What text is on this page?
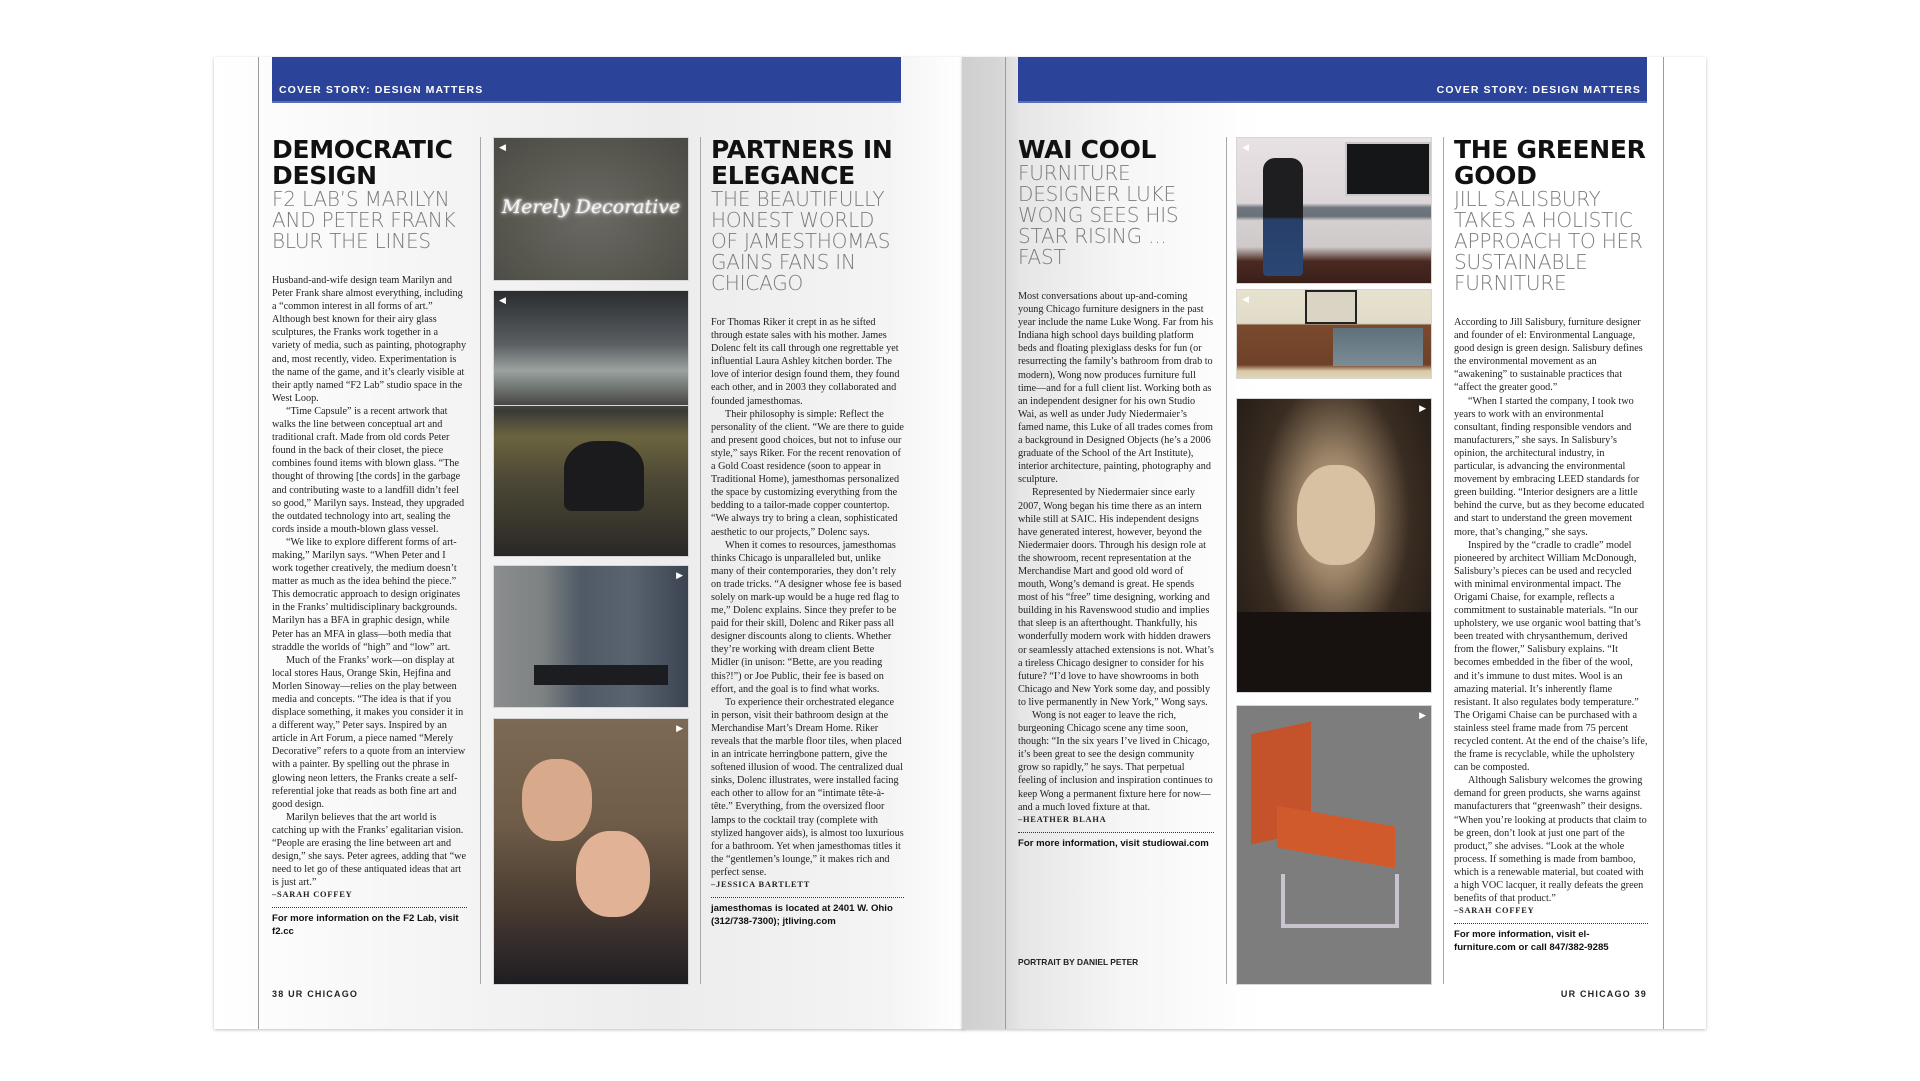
COVER STORY: DESIGN MATTERS
DEMOCRATIC DESIGN
F2 LAB’S MARILYN AND PETER FRANK BLUR THE LINES

Husband-and-wife design team Marilyn and Peter Frank share almost everything, including a “common interest in all forms of art.” Although best known for their airy glass sculptures, the Franks work together in a variety of media, such as painting, photography and, most recently, video. Experimentation is the name of the game, and it’s clearly visible at their aptly named “F2 Lab” studio space in the West Loop.

“Time Capsule” is a recent artwork that walks the line between conceptual art and traditional craft. Made from old cords Peter found in the back of their closet, the piece combines found items with blown glass. “The thought of throwing [the cords] in the garbage and contributing waste to a landfill didn’t feel so good,” Marilyn says. Instead, they upgraded the outdated technology into art, sealing the cords inside a mouth-blown glass vessel.

“We like to explore different forms of art-making,” Marilyn says. “When Peter and I work together creatively, the medium doesn’t matter as much as the idea behind the piece.” This democratic approach to design originates in the Franks’ multidisciplinary backgrounds. Marilyn has a BFA in graphic design, while Peter has an MFA in glass—both media that straddle the worlds of “high” and “low” art.

Much of the Franks’ work—on display at local stores Haus, Orange Skin, Hejfina and Morlen Sinoway—relies on the play between media and concepts. “The idea is that if you displace something, it makes you consider it in a different way,” Peter says. Inspired by an article in Art Forum, a piece named “Merely Decorative” refers to a quote from an interview with a painter. By spelling out the phrase in glowing neon letters, the Franks create a self-referential joke that reads as both fine art and good design.

Marilyn believes that the art world is catching up with the Franks’ egalitarian vision. “People are erasing the line between art and design,” she says. Peter agrees, adding that “we need to let go of these antiquated ideas that art is just art.”

–SARAH COFFEY
For more information on the F2 Lab, visit f2.cc
◀
Merely Decorative
◀
▶
▶
PARTNERS IN ELEGANCE
THE BEAUTIFULLY HONEST WORLD OF JAMESTHOMAS GAINS FANS IN CHICAGO

For Thomas Riker it crept in as he sifted through estate sales with his mother. James Dolenc felt its call through one regrettable yet influential Laura Ashley kitchen border. The love of interior design found them, they found each other, and in 2003 they collaborated and founded jamesthomas.

Their philosophy is simple: Reflect the personality of the client. “We are there to guide and present good choices, but not to infuse our style,” says Riker. For the recent renovation of a Gold Coast residence (soon to appear in Traditional Home), jamesthomas personalized the space by customizing everything from the bedding to a tailor-made copper countertop. “We always try to bring a clean, sophisticated aesthetic to our projects,” Dolenc says.

When it comes to resources, jamesthomas thinks Chicago is unparalleled but, unlike many of their contemporaries, they don’t rely on trade tricks. “A designer whose fee is based solely on mark-up would be a huge red flag to me,” Dolenc explains. Since they prefer to be paid for their skill, Dolenc and Riker pass all designer discounts along to clients. Whether they’re working with dream client Bette Midler (in unison: “Bette, are you reading this?!”) or Joe Public, their fee is based on effort, and the goal is to find what works.

To experience their orchestrated elegance in person, visit their bathroom design at the Merchandise Mart’s Dream Home. Riker reveals that the marble floor tiles, when placed in an intricate herringbone pattern, give the softened illusion of wood. The centralized dual sinks, Dolenc illustrates, were installed facing each other to allow for an “intimate tête-à-tête.” Everything, from the oversized floor lamps to the cocktail tray (complete with stylized hangover aids), is almost too luxurious for a bathroom. Yet when jamesthomas titles it the “gentlemen’s lounge,” it makes rich and perfect sense.

–JESSICA BARTLETT
jamesthomas is located at 2401 W. Ohio (312/738-7300); jtliving.com
38 UR CHICAGO
COVER STORY: DESIGN MATTERS
WAI COOL
FURNITURE DESIGNER LUKE WONG SEES HIS STAR RISING ... FAST

Most conversations about up-and-coming young Chicago furniture designers in the past year include the name Luke Wong. Far from his Indiana high school days building platform beds and floating plexiglass desks for fun (or resurrecting the family’s bathroom from drab to modern), Wong now produces furniture full time—and for a full client list. Working both as an independent designer for his own Studio Wai, as well as under Judy Niedermaier’s famed name, this Luke of all trades comes from a background in Designed Objects (he’s a 2006 graduate of the School of the Art Institute), interior architecture, painting, photography and sculpture.

Represented by Niedermaier since early 2007, Wong began his time there as an intern while still at SAIC. His independent designs have generated interest, however, beyond the Niedermaier doors. Through his design role at the showroom, recent representation at the Merchandise Mart and good old word of mouth, Wong’s demand is great. He spends most of his “free” time designing, working and building in his Ravenswood studio and implies that sleep is an afterthought. Thankfully, his wonderfully modern work with hidden drawers or seamlessly attached extensions is not. What’s a tireless Chicago designer to consider for his future? “I’d love to have showrooms in both Chicago and New York some day, and possibly to live permanently in New York,” Wong says.

Wong is not eager to leave the rich, burgeoning Chicago scene any time soon, though: “In the six years I’ve lived in Chicago, it’s been great to see the design community grow so rapidly,” he says. That perpetual feeling of inclusion and inspiration continues to keep Wong a permanent fixture here for now—and a much loved fixture at that.

–HEATHER BLAHA
For more information, visit studiowai.com
PORTRAIT BY DANIEL PETER
◀
◀
▶
▶
THE GREENER GOOD
JILL SALISBURY TAKES A HOLISTIC APPROACH TO HER SUSTAINABLE FURNITURE

According to Jill Salisbury, furniture designer and founder of el: Environmental Language, good design is green design. Salisbury defines the environmental movement as an “awakening” to sustainable practices that “affect the greater good.”

“When I started the company, I took two years to work with an environmental consultant, finding responsible vendors and manufacturers,” she says. In Salisbury’s opinion, the architectural industry, in particular, is advancing the environmental movement by embracing LEED standards for green building. “Interior designers are a little behind the curve, but as they become educated and start to understand the green movement more, that’s changing,” she says.

Inspired by the “cradle to cradle” model pioneered by architect William McDonough, Salisbury’s pieces can be used and recycled with minimal environmental impact. The Origami Chaise, for example, reflects a commitment to sustainable materials. “In our upholstery, we use organic wool batting that’s been treated with chrysanthemum, derived from the flower,” Salisbury explains. “It becomes embedded in the fiber of the wool, and it’s immune to dust mites. Wool is an amazing material. It’s inherently flame resistant. It also regulates body temperature.” The Origami Chaise can be purchased with a stainless steel frame made from 75 percent recycled content. At the end of the chaise’s life, the frame is recyclable, while the upholstery can be composted.

Although Salisbury welcomes the growing demand for green products, she warns against manufacturers that “greenwash” their designs. “When you’re looking at products that claim to be green, don’t look at just one part of the product,” she advises. “Look at the whole process. If something is made from bamboo, which is a renewable material, but coated with a high VOC lacquer, it really defeats the green benefits of that product.”

–SARAH COFFEY
For more information, visit el-furniture.com or call 847/382-9285
UR CHICAGO 39
